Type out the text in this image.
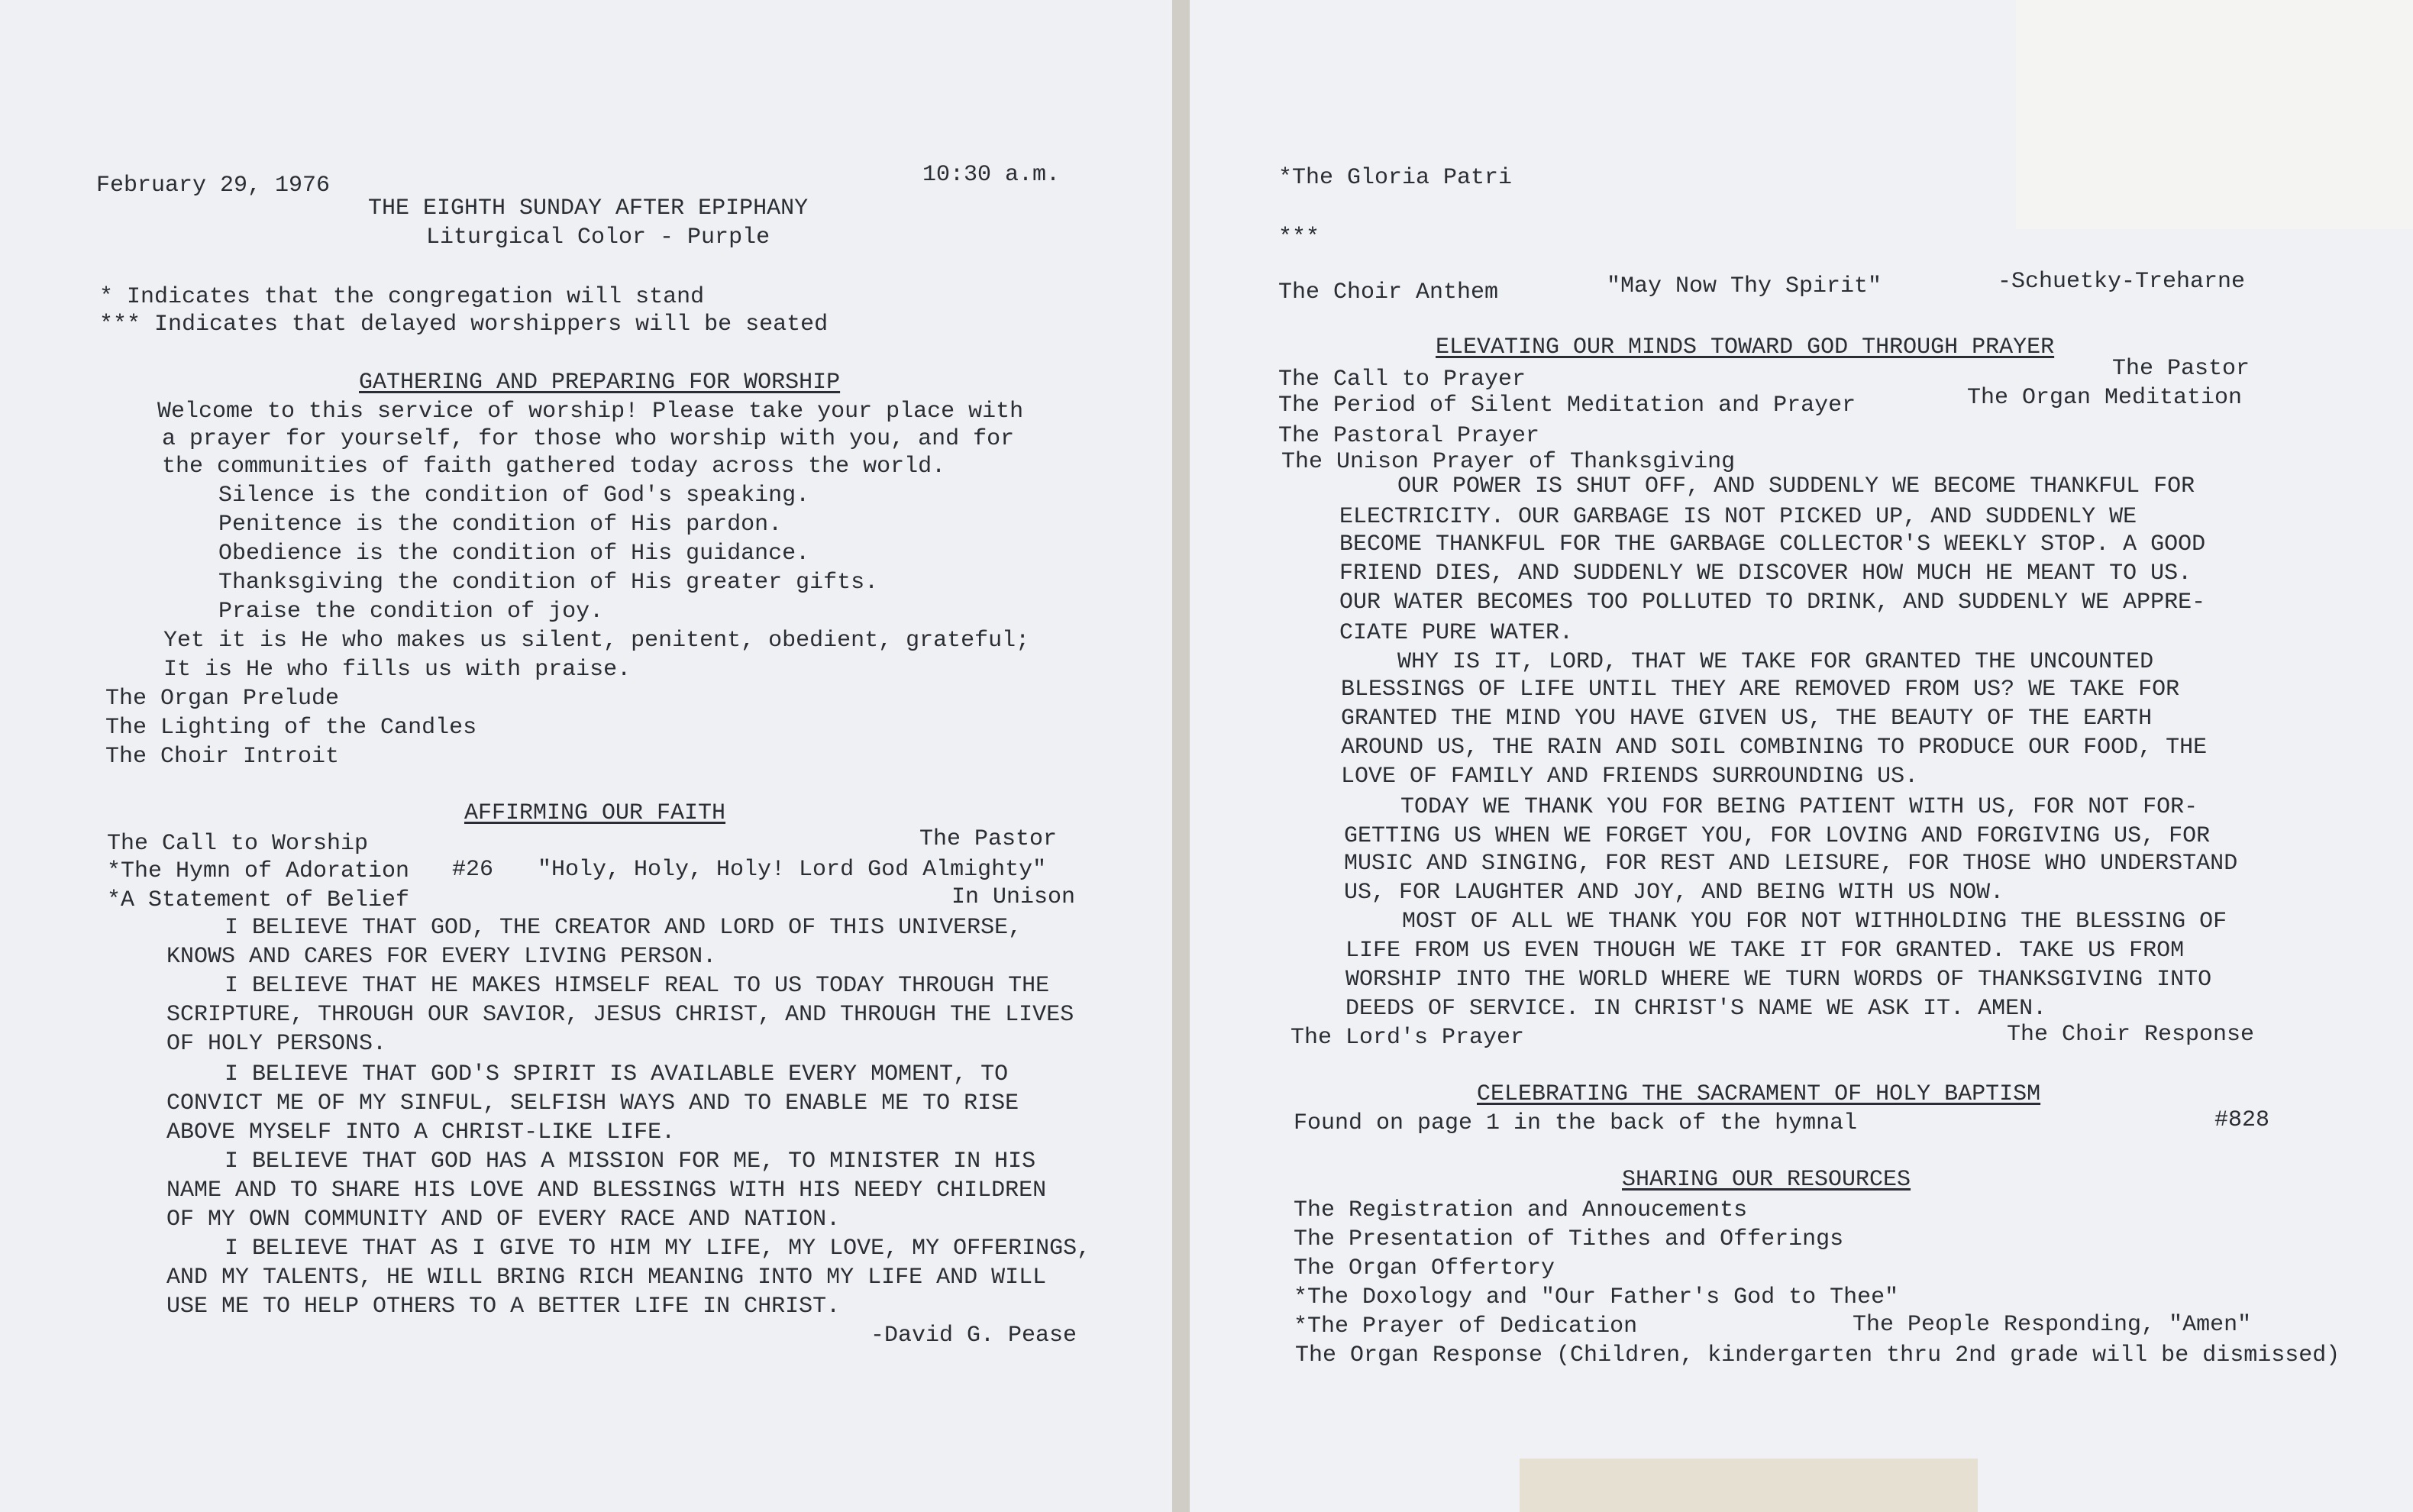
February 29, 1976	10:30 a.m.
THE EIGHTH SUNDAY AFTER EPIPHANY
Liturgical Color - Purple
* Indicates that the congregation will stand
*** Indicates that delayed worshippers will be seated
GATHERING AND PREPARING FOR WORSHIP
Welcome to this service of worship! Please take your place with
a prayer for yourself, for those who worship with you, and for
the communities of faith gathered today across the world.
Silence is the condition of God's speaking.
Penitence is the condition of His pardon.
Obedience is the condition of His guidance.
Thanksgiving the condition of His greater gifts.
Praise the condition of joy.
Yet it is He who makes us silent, penitent, obedient, grateful;
It is He who fills us with praise.
The Organ Prelude
The Lighting of the Candles
The Choir Introit
AFFIRMING OUR FAITH
The Call to Worship	The Pastor
*The Hymn of Adoration #26 "Holy, Holy, Holy! Lord God Almighty"
*A Statement of Belief	In Unison
I BELIEVE THAT GOD, THE CREATOR AND LORD OF THIS UNIVERSE,
KNOWS AND CARES FOR EVERY LIVING PERSON.
I BELIEVE THAT HE MAKES HIMSELF REAL TO US TODAY THROUGH THE
SCRIPTURE, THROUGH OUR SAVIOR, JESUS CHRIST, AND THROUGH THE LIVES
OF HOLY PERSONS.
I BELIEVE THAT GOD'S SPIRIT IS AVAILABLE EVERY MOMENT, TO
CONVICT ME OF MY SINFUL, SELFISH WAYS AND TO ENABLE ME TO RISE
ABOVE MYSELF INTO A CHRIST-LIKE LIFE.
I BELIEVE THAT GOD HAS A MISSION FOR ME, TO MINISTER IN HIS
NAME AND TO SHARE HIS LOVE AND BLESSINGS WITH HIS NEEDY CHILDREN
OF MY OWN COMMUNITY AND OF EVERY RACE AND NATION.
I BELIEVE THAT AS I GIVE TO HIM MY LIFE, MY LOVE, MY OFFERINGS,
AND MY TALENTS, HE WILL BRING RICH MEANING INTO MY LIFE AND WILL
USE ME TO HELP OTHERS TO A BETTER LIFE IN CHRIST.
-David G. Pease
*The Gloria Patri
***
The Choir Anthem	"May Now Thy Spirit"	-Schuetky-Treharne
ELEVATING OUR MINDS TOWARD GOD THROUGH PRAYER
The Call to Prayer	The Pastor
The Period of Silent Meditation and Prayer	The Organ Meditation
The Pastoral Prayer
The Unison Prayer of Thanksgiving
OUR POWER IS SHUT OFF, AND SUDDENLY WE BECOME THANKFUL FOR
ELECTRICITY. OUR GARBAGE IS NOT PICKED UP, AND SUDDENLY WE
BECOME THANKFUL FOR THE GARBAGE COLLECTOR'S WEEKLY STOP. A GOOD
FRIEND DIES, AND SUDDENLY WE DISCOVER HOW MUCH HE MEANT TO US.
OUR WATER BECOMES TOO POLLUTED TO DRINK, AND SUDDENLY WE APPRE-
CIATE PURE WATER.
WHY IS IT, LORD, THAT WE TAKE FOR GRANTED THE UNCOUNTED
BLESSINGS OF LIFE UNTIL THEY ARE REMOVED FROM US? WE TAKE FOR
GRANTED THE MIND YOU HAVE GIVEN US, THE BEAUTY OF THE EARTH
AROUND US, THE RAIN AND SOIL COMBINING TO PRODUCE OUR FOOD, THE
LOVE OF FAMILY AND FRIENDS SURROUNDING US.
TODAY WE THANK YOU FOR BEING PATIENT WITH US, FOR NOT FOR-
GETTING US WHEN WE FORGET YOU, FOR LOVING AND FORGIVING US, FOR
MUSIC AND SINGING, FOR REST AND LEISURE, FOR THOSE WHO UNDERSTAND
US, FOR LAUGHTER AND JOY, AND BEING WITH US NOW.
MOST OF ALL WE THANK YOU FOR NOT WITHHOLDING THE BLESSING OF
LIFE FROM US EVEN THOUGH WE TAKE IT FOR GRANTED. TAKE US FROM
WORSHIP INTO THE WORLD WHERE WE TURN WORDS OF THANKSGIVING INTO
DEEDS OF SERVICE. IN CHRIST'S NAME WE ASK IT. AMEN.
The Lord's Prayer	The Choir Response
CELEBRATING THE SACRAMENT OF HOLY BAPTISM
Found on page 1 in the back of the hymnal	#828
SHARING OUR RESOURCES
The Registration and Annoucements
The Presentation of Tithes and Offerings
The Organ Offertory
*The Doxology and "Our Father's God to Thee"
*The Prayer of Dedication	The People Responding, "Amen"
The Organ Response (Children, kindergarten thru 2nd grade will be dismissed)
